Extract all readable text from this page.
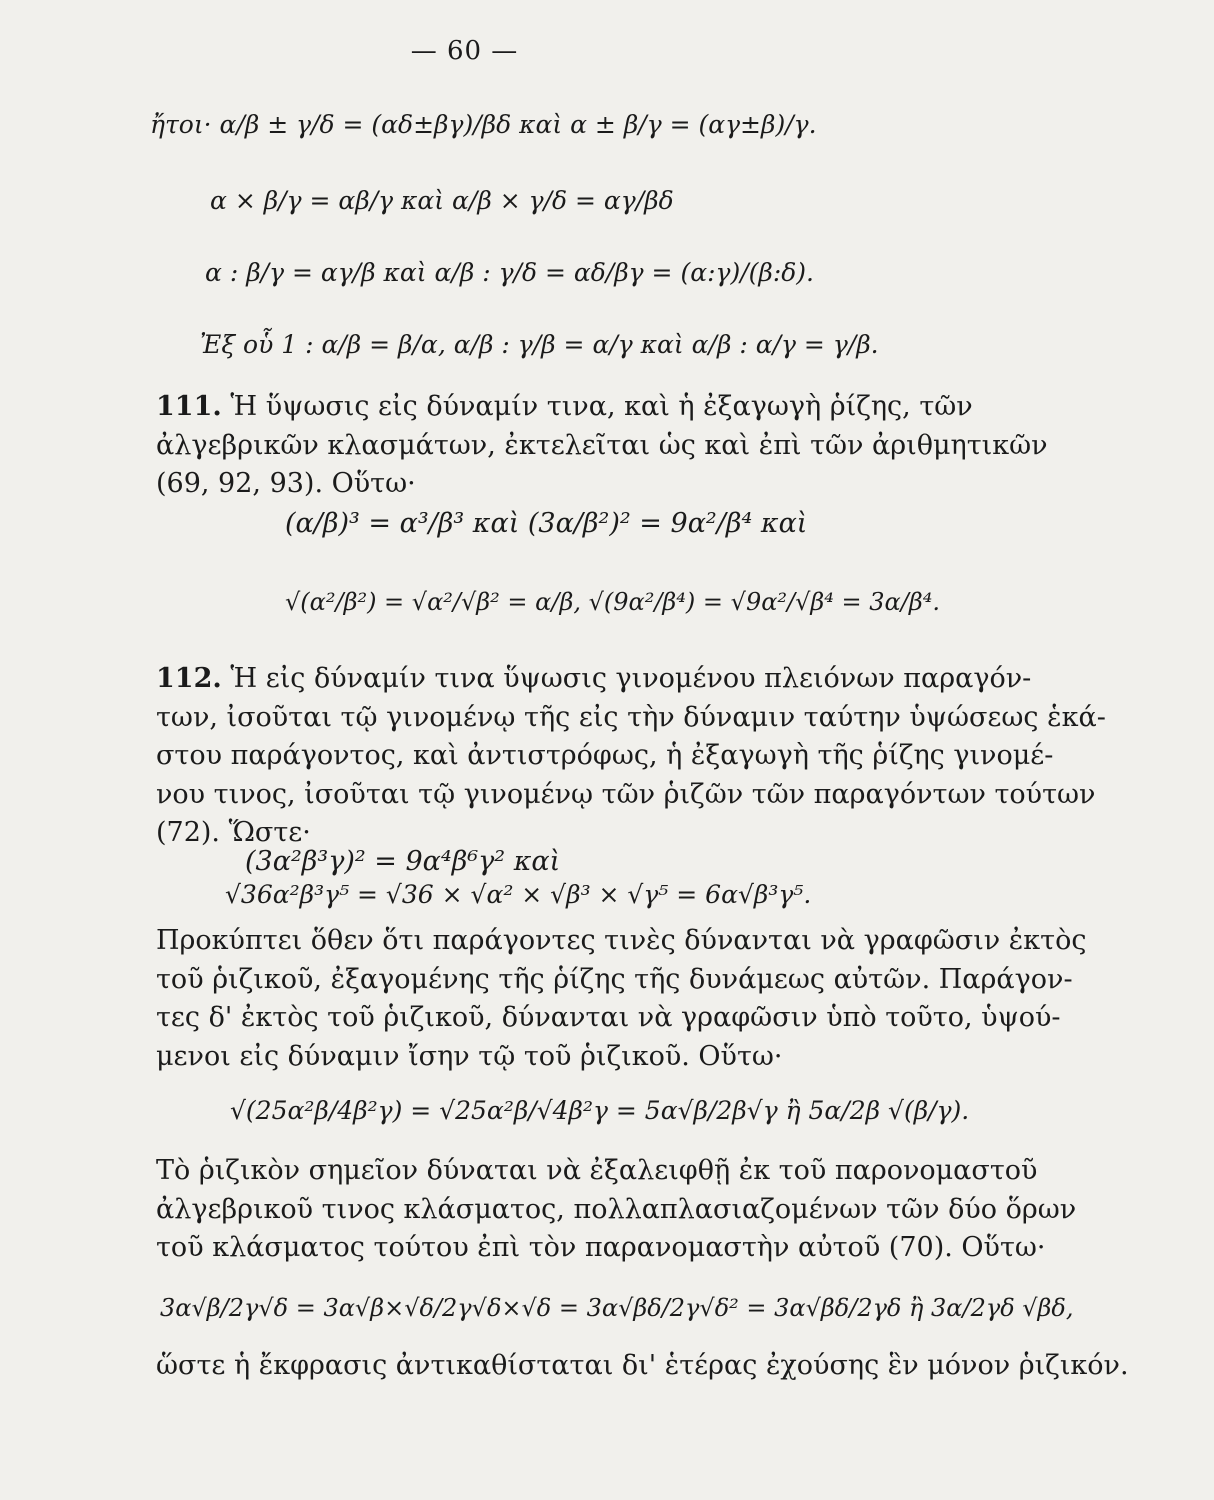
— 60 —
ἤτοι· α/β ± γ/δ = (αδ±βγ)/βδ καὶ α ± β/γ = (αγ±β)/γ.
α × β/γ = αβ/γ καὶ α/β × γ/δ = αγ/βδ
α : β/γ = αγ/β καὶ α/β : γ/δ = αδ/βγ = (α:γ)/(β:δ).
Ἐξ οὗ 1 : α/β = β/α, α/β : γ/β = α/γ καὶ α/β : α/γ = γ/β.
111. Ἡ ὕψωσις εἰς δύναμίν τινα, καὶ ἡ ἐξαγωγὴ ῥίζης, τῶν
ἀλγεβρικῶν κλασμάτων, ἐκτελεῖται ὡς καὶ ἐπὶ τῶν ἀριθμητικῶν
(69, 92, 93). Οὕτω·
(α/β)³ = α³/β³ καὶ (3α/β²)² = 9α²/β⁴ καὶ
√(α²/β²) = √α²/√β² = α/β, √(9α²/β⁴) = √9α²/√β⁴ = 3α/β⁴.
112. Ἡ εἰς δύναμίν τινα ὕψωσις γινομένου πλειόνων παραγόν-
των, ἰσοῦται τῷ γινομένῳ τῆς εἰς τὴν δύναμιν ταύτην ὑψώσεως ἑκά-
στου παράγοντος, καὶ ἀντιστρόφως, ἡ ἐξαγωγὴ τῆς ῥίζης γινομέ-
νου τινος, ἰσοῦται τῷ γινομένῳ τῶν ῥιζῶν τῶν παραγόντων τούτων
(72). Ὥστε·
(3α²β³γ)² = 9α⁴β⁶γ² καὶ
√36α²β³γ⁵ = √36 × √α² × √β³ × √γ⁵ = 6α√β³γ⁵.
Προκύπτει ὅθεν ὅτι παράγοντες τινὲς δύνανται νὰ γραφῶσιν ἐκτὸς
τοῦ ῥιζικοῦ, ἐξαγομένης τῆς ῥίζης τῆς δυνάμεως αὐτῶν. Παράγον-
τες δ' ἐκτὸς τοῦ ῥιζικοῦ, δύνανται νὰ γραφῶσιν ὑπὸ τοῦτο, ὑψού-
μενοι εἰς δύναμιν ἴσην τῷ τοῦ ῥιζικοῦ. Οὕτω·
√(25α²β/4β²γ) = √25α²β/√4β²γ = 5α√β/2β√γ ἢ 5α/2β √(β/γ).
Τὸ ῥιζικὸν σημεῖον δύναται νὰ ἐξαλειφθῇ ἐκ τοῦ παρονομαστοῦ
ἀλγεβρικοῦ τινος κλάσματος, πολλαπλασιαζομένων τῶν δύο ὅρων
τοῦ κλάσματος τούτου ἐπὶ τὸν παρανομαστὴν αὐτοῦ (70). Οὕτω·
3α√β/2γ√δ = 3α√β×√δ/2γ√δ×√δ = 3α√βδ/2γ√δ² = 3α√βδ/2γδ ἢ 3α/2γδ √βδ,
ὥστε ἡ ἔκφρασις ἀντικαθίσταται δι' ἑτέρας ἐχούσης ἓν μόνον ῥιζικόν.
